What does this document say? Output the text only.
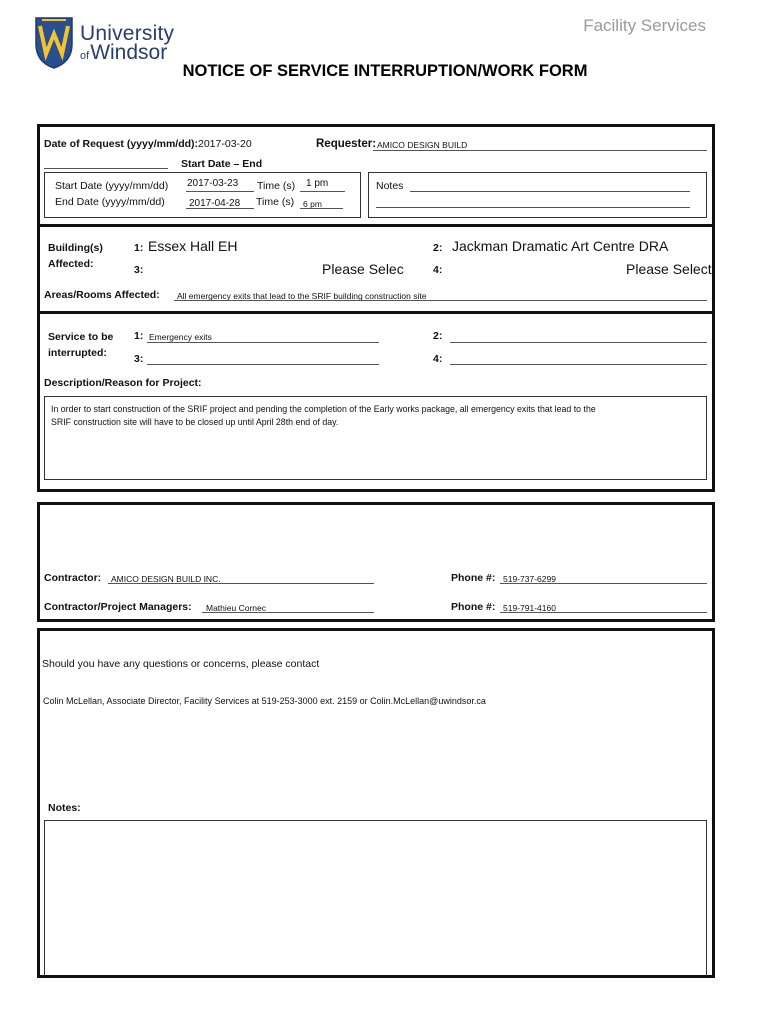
University
ofWindsor
Facility Services
NOTICE OF SERVICE INTERRUPTION/WORK FORM
Date of Request (yyyy/mm/dd): 2017-03-20	Requester: AMICO DESIGN BUILD
Start Date – End
Start Date (yyyy/mm/dd) 2017-03-23 Time (s) 1 pm
End Date (yyyy/mm/dd) 2017-04-28 Time (s) 6 pm
Notes
Building(s)
Affected:
1: Essex Hall EH	2: Jackman Dramatic Art Centre DRA
3:	Please Selec	4:	Please Select
Areas/Rooms Affected: All emergency exits that lead to the SRIF building construction site
Service to be
interrupted:
1: Emergency exits	2:
3:	4:
Description/Reason for Project:
In order to start construction of the SRIF project and pending the completion of the Early works package, all emergency exits that lead to the
SRIF construction site will have to be closed up until April 28th end of day.
Contractor: AMICO DESIGN BUILD INC.	Phone #: 519-737-6299
Contractor/Project Managers: Mathieu Cornec	Phone #: 519-791-4160
Should you have any questions or concerns, please contact
Colin McLellan, Associate Director, Facility Services at 519-253-3000 ext. 2159 or Colin.McLellan@uwindsor.ca
Notes:
